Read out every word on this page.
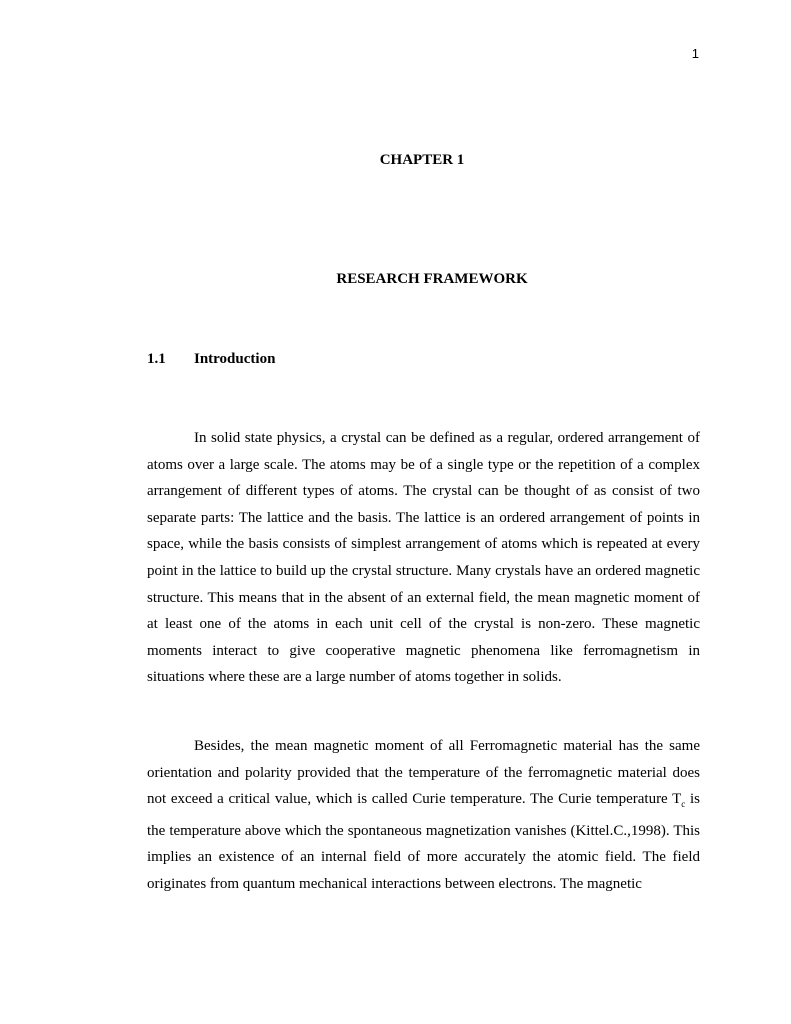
1
CHAPTER 1
RESEARCH FRAMEWORK
1.1 Introduction

In solid state physics, a crystal can be defined as a regular, ordered arrangement of atoms over a large scale. The atoms may be of a single type or the repetition of a complex arrangement of different types of atoms. The crystal can be thought of as consist of two separate parts: The lattice and the basis. The lattice is an ordered arrangement of points in space, while the basis consists of simplest arrangement of atoms which is repeated at every point in the lattice to build up the crystal structure. Many crystals have an ordered magnetic structure. This means that in the absent of an external field, the mean magnetic moment of at least one of the atoms in each unit cell of the crystal is non-zero. These magnetic moments interact to give cooperative magnetic phenomena like ferromagnetism in situations where these are a large number of atoms together in solids.

Besides, the mean magnetic moment of all Ferromagnetic material has the same orientation and polarity provided that the temperature of the ferromagnetic material does not exceed a critical value, which is called Curie temperature. The Curie temperature $T_c$ is the temperature above which the spontaneous magnetization vanishes (Kittel.C.,1998). This implies an existence of an internal field of more accurately the atomic field. The field originates from quantum mechanical interactions between electrons. The magnetic
